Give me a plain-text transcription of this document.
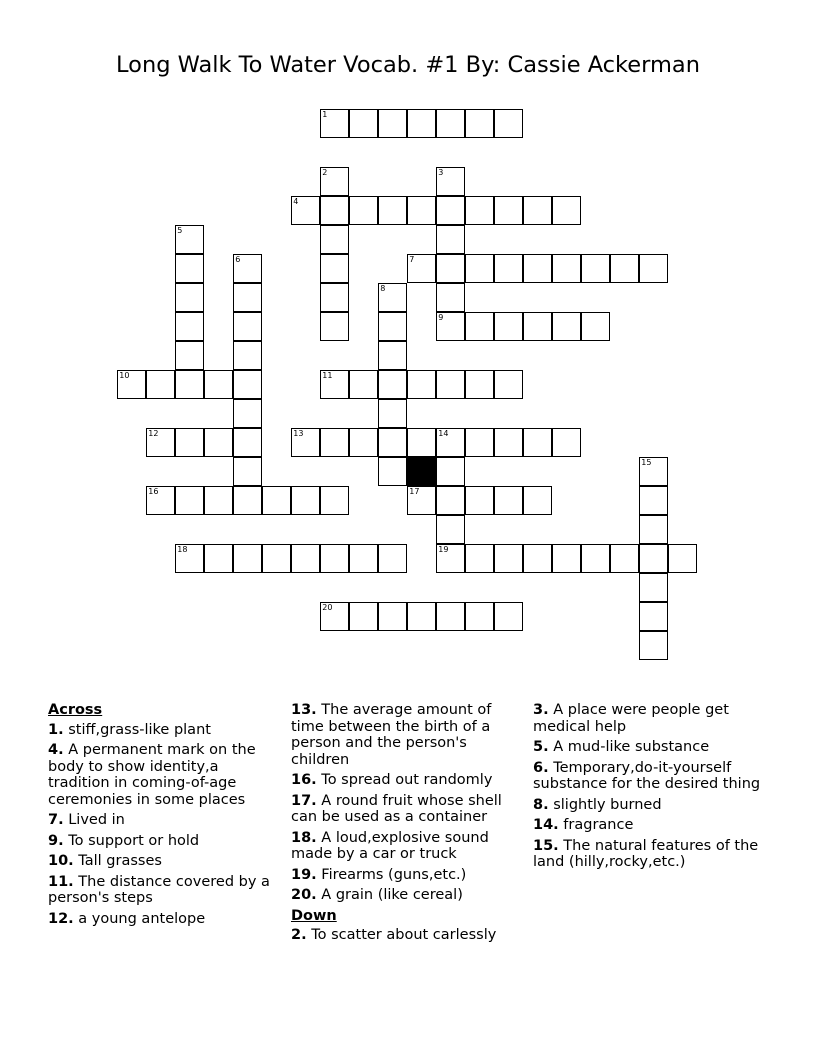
Long Walk To Water Vocab. #1 By: Cassie Ackerman
1
2	3
4
5
6	7
8
9
10	11
12	13	14
15
16	17
18	19
20
Across
1. stiff,grass-like plant
4. A permanent mark on the body to show identity,a tradition in coming-of-age ceremonies in some places
7. Lived in
9. To support or hold
10. Tall grasses
11. The distance covered by a person's steps
12. a young antelope
13. The average amount of time between the birth of a person and the person's children
16. To spread out randomly
17. A round fruit whose shell can be used as a container
18. A loud,explosive sound made by a car or truck
19. Firearms (guns,etc.)
20. A grain (like cereal)
Down
2. To scatter about carlessly
3. A place were people get medical help
5. A mud-like substance
6. Temporary,do-it-yourself substance for the desired thing
8. slightly burned
14. fragrance
15. The natural features of the land (hilly,rocky,etc.)
